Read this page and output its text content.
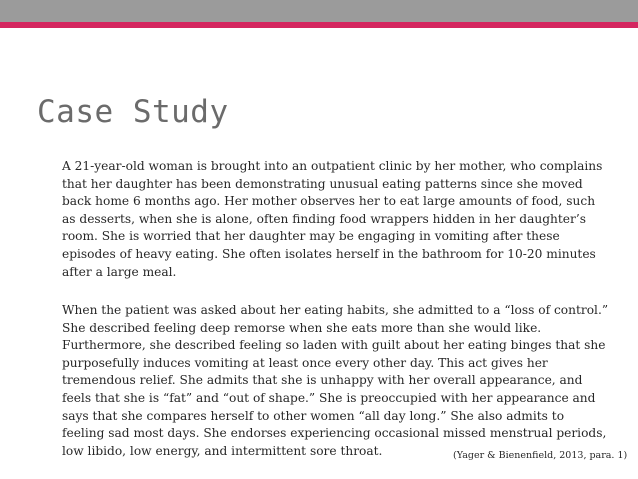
Case Study
A 21-year-old woman is brought into an outpatient clinic by her mother, who complains that her daughter has been demonstrating unusual eating patterns since she moved back home 6 months ago. Her mother observes her to eat large amounts of food, such as desserts, when she is alone, often finding food wrappers hidden in her daughter’s room. She is worried that her daughter may be engaging in vomiting after these episodes of heavy eating. She often isolates herself in the bathroom for 10-20 minutes after a large meal.
When the patient was asked about her eating habits, she admitted to a “loss of control.” She described feeling deep remorse when she eats more than she would like. Furthermore, she described feeling so laden with guilt about her eating binges that she purposefully induces vomiting at least once every other day. This act gives her tremendous relief. She admits that she is unhappy with her overall appearance, and feels that she is “fat” and “out of shape.” She is preoccupied with her appearance and says that she compares herself to other women “all day long.” She also admits to feeling sad most days. She endorses experiencing occasional missed menstrual periods, low libido, low energy, and intermittent sore throat.	(Yager & Bienenfield, 2013, para. 1)
